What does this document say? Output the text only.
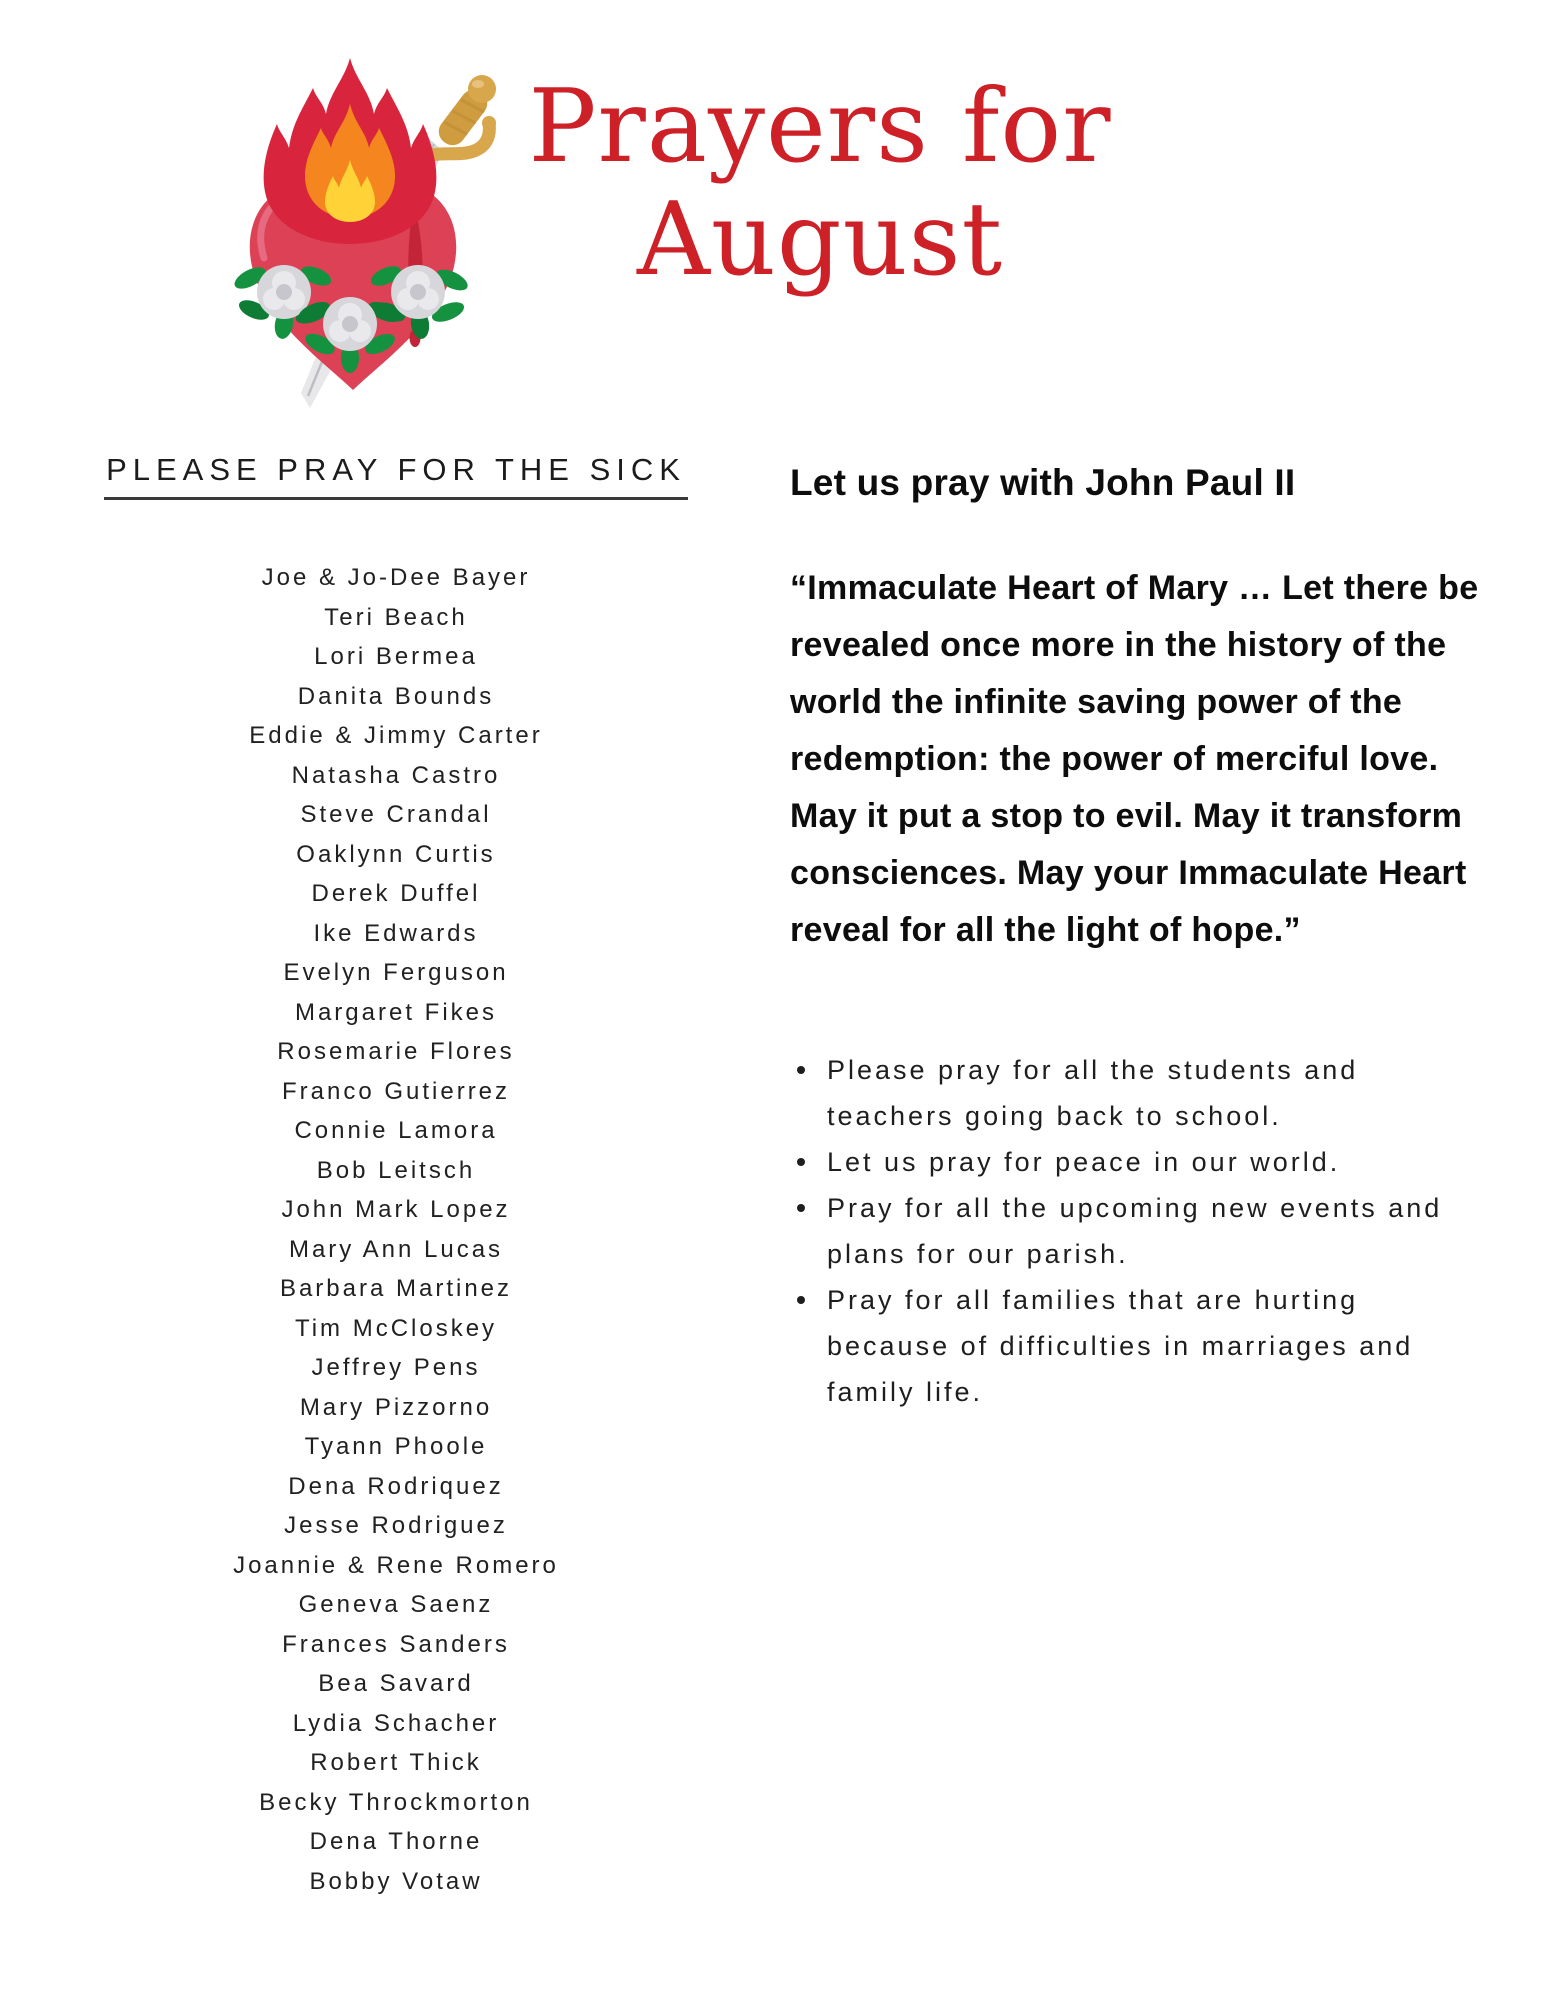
Prayers for
August
PLEASE PRAY FOR THE SICK
Joe & Jo-Dee Bayer
Teri Beach
Lori Bermea
Danita Bounds
Eddie & Jimmy Carter
Natasha Castro
Steve Crandal
Oaklynn Curtis
Derek Duffel
Ike Edwards
Evelyn Ferguson
Margaret Fikes
Rosemarie Flores
Franco Gutierrez
Connie Lamora
Bob Leitsch
John Mark Lopez
Mary Ann Lucas
Barbara Martinez
Tim McCloskey
Jeffrey Pens
Mary Pizzorno
Tyann Phoole
Dena Rodriquez
Jesse Rodriguez
Joannie & Rene Romero
Geneva Saenz
Frances Sanders
Bea Savard
Lydia Schacher
Robert Thick
Becky Throckmorton
Dena Thorne
Bobby Votaw
Let us pray with John Paul II
“Immaculate Heart of Mary … Let there be revealed once more in the history of the world the infinite saving power of the redemption: the power of merciful love. May it put a stop to evil. May it transform consciences. May your Immaculate Heart reveal for all the light of hope.”
Please pray for all the students and teachers going back to school.
Let us pray for peace in our world.
Pray for all the upcoming new events and plans for our parish.
Pray for all families that are hurting because of difficulties in marriages and family life.
